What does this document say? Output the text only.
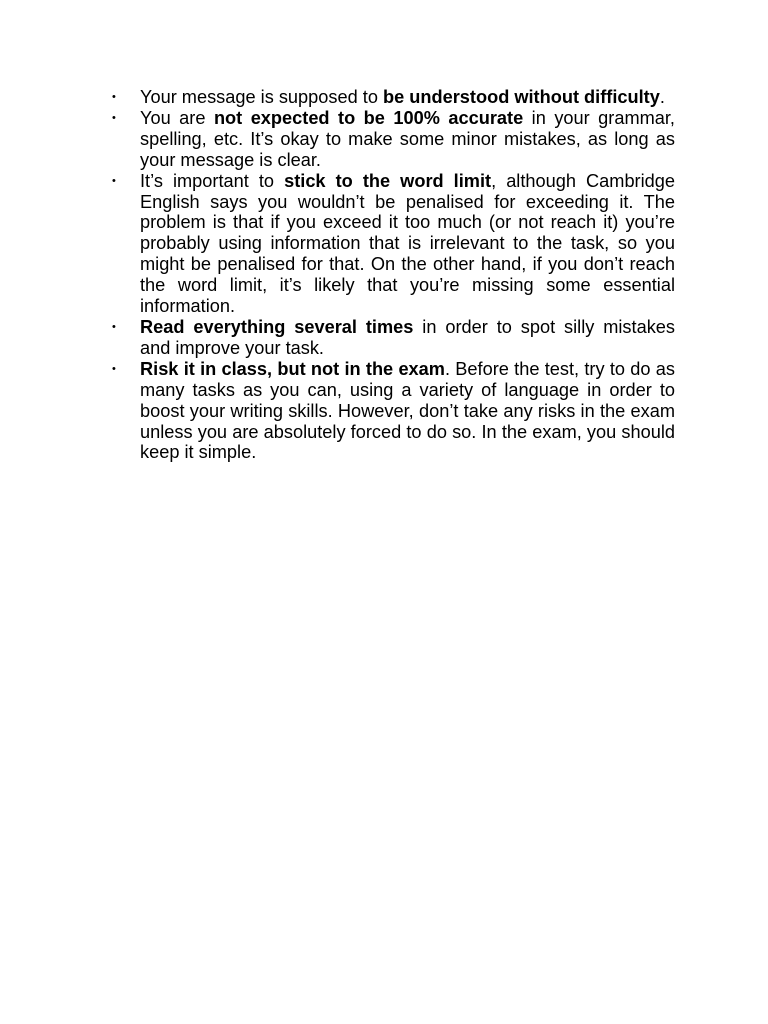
•	Your message is supposed to be understood without difficulty.
•	You are not expected to be 100% accurate in your grammar, spelling, etc. It’s okay to make some minor mistakes, as long as your message is clear.
•	It’s important to stick to the word limit, although Cambridge English says you wouldn’t be penalised for exceeding it. The problem is that if you exceed it too much (or not reach it) you’re probably using information that is irrelevant to the task, so you might be penalised for that. On the other hand, if you don’t reach the word limit, it’s likely that you’re missing some essential information.
•	Read everything several times in order to spot silly mistakes and improve your task.
•	Risk it in class, but not in the exam. Before the test, try to do as many tasks as you can, using a variety of language in order to boost your writing skills. However, don’t take any risks in the exam unless you are absolutely forced to do so. In the exam, you should keep it simple.
